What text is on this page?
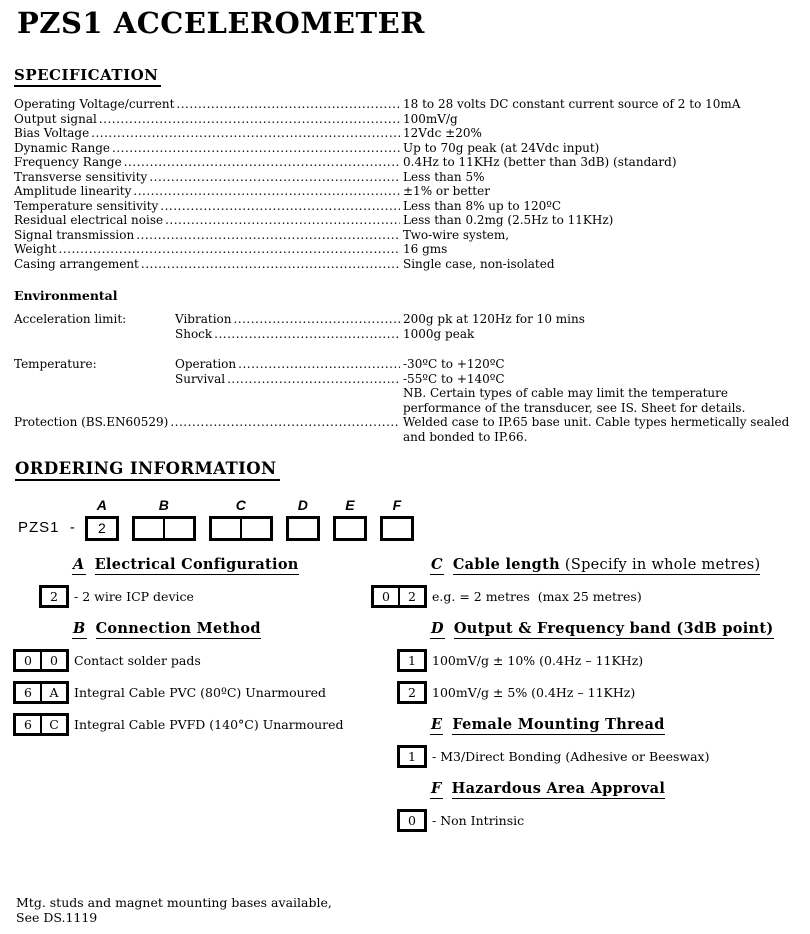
PZS1 ACCELEROMETER
SPECIFICATION
Operating Voltage/current .....	18 to 28 volts DC constant current source of 2 to 10mA
Output signal .....	100mV/g
Bias Voltage .....	12Vdc ±20%
Dynamic Range .....	Up to 70g peak (at 24Vdc input)
Frequency Range .....	0.4Hz to 11KHz (better than 3dB) (standard)
Transverse sensitivity .....	Less than 5%
Amplitude linearity .....	±1% or better
Temperature sensitivity .....	Less than 8% up to 120ºC
Residual electrical noise .....	Less than 0.2mg (2.5Hz to 11KHz)
Signal transmission .....	Two-wire system,
Weight .....	16 gms
Casing arrangement .....	Single case, non-isolated
Environmental
Acceleration limit:	Vibration .....	200g pk at 120Hz for 10 mins
Shock .....	1000g peak
Temperature:	Operation .....	-30ºC to +120ºC
Survival .....	-55ºC to +140ºC
NB. Certain types of cable may limit the temperature
performance of the transducer, see IS. Sheet for details.
Protection (BS.EN60529) .....	Welded case to IP.65 base unit. Cable types hermetically sealed
and bonded to IP.66.
ORDERING INFORMATION
PZS1  -
A
2
B	C	D	E	F
A Electrical Configuration
2	- 2 wire ICP device
B Connection Method
0	0	Contact solder pads
6	A	Integral Cable PVC (80ºC) Unarmoured
6	C	Integral Cable PVFD (140°C) Unarmoured
C Cable length (Specify in whole metres)
0	2	e.g. = 2 metres  (max 25 metres)
D Output & Frequency band (3dB point)
1	100mV/g ± 10% (0.4Hz – 11KHz)
2	100mV/g ± 5% (0.4Hz – 11KHz)
E Female Mounting Thread
1	- M3/Direct Bonding (Adhesive or Beeswax)
F Hazardous Area Approval
0	- Non Intrinsic
Mtg. studs and magnet mounting bases available,
See DS.1119
